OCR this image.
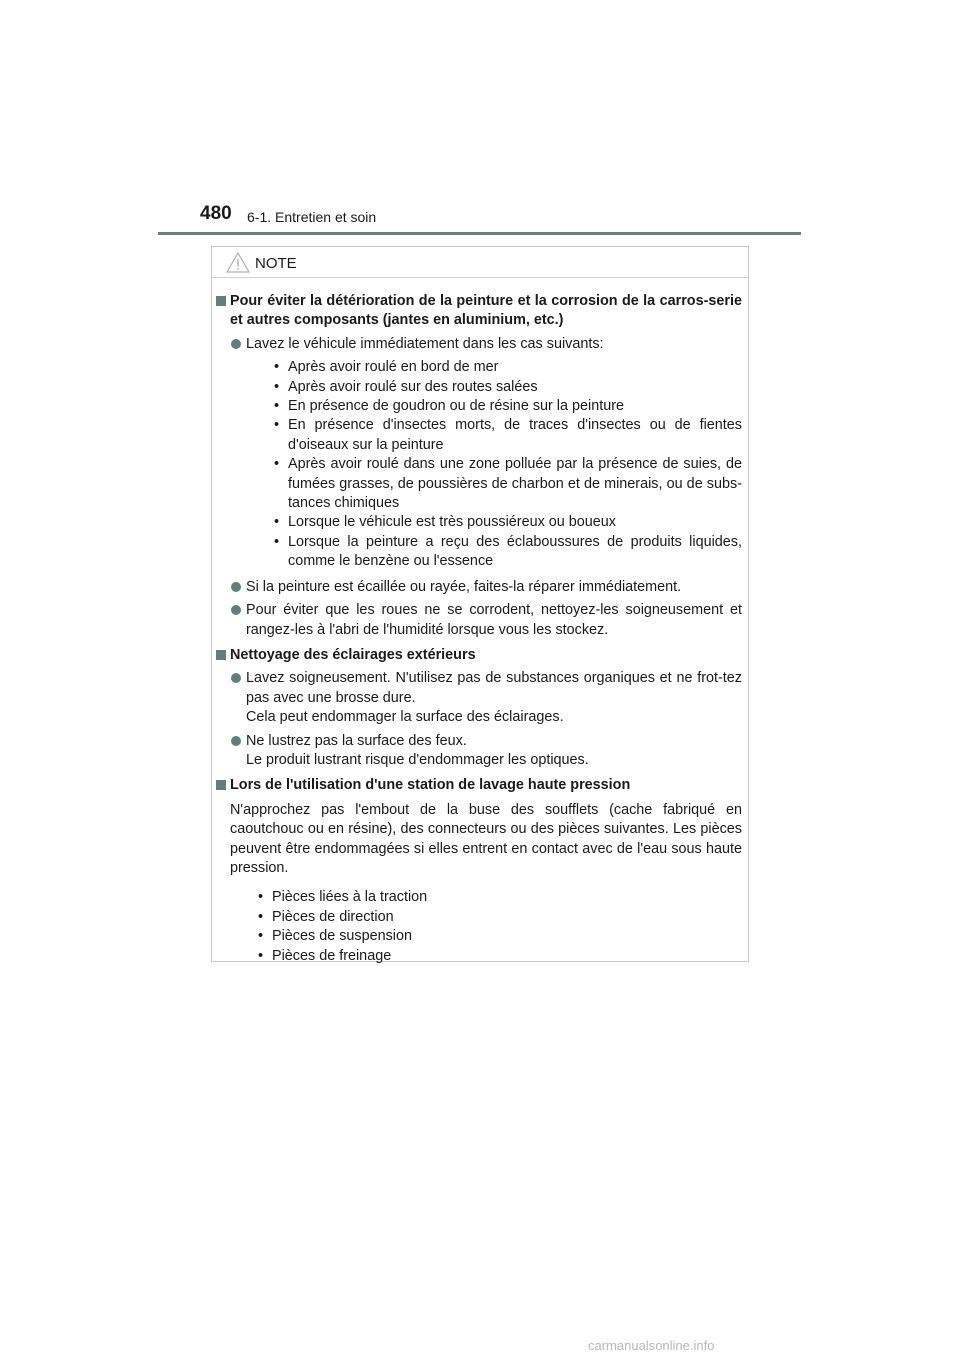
480 6-1. Entretien et soin
NOTE
Pour éviter la détérioration de la peinture et la corrosion de la carros-serie et autres composants (jantes en aluminium, etc.)
Lavez le véhicule immédiatement dans les cas suivants:
• Après avoir roulé en bord de mer
• Après avoir roulé sur des routes salées
• En présence de goudron ou de résine sur la peinture
• En présence d'insectes morts, de traces d'insectes ou de fientes d'oiseaux sur la peinture
• Après avoir roulé dans une zone polluée par la présence de suies, de fumées grasses, de poussières de charbon et de minerais, ou de subs-tances chimiques
• Lorsque le véhicule est très poussiéreux ou boueux
• Lorsque la peinture a reçu des éclaboussures de produits liquides, comme le benzène ou l'essence
Si la peinture est écaillée ou rayée, faites-la réparer immédiatement.
Pour éviter que les roues ne se corrodent, nettoyez-les soigneusement et rangez-les à l'abri de l'humidité lorsque vous les stockez.
Nettoyage des éclairages extérieurs
Lavez soigneusement. N'utilisez pas de substances organiques et ne frot-tez pas avec une brosse dure.
Cela peut endommager la surface des éclairages.
Ne lustrez pas la surface des feux.
Le produit lustrant risque d'endommager les optiques.
Lors de l'utilisation d'une station de lavage haute pression
N'approchez pas l'embout de la buse des soufflets (cache fabriqué en caoutchouc ou en résine), des connecteurs ou des pièces suivantes. Les pièces peuvent être endommagées si elles entrent en contact avec de l'eau sous haute pression.
• Pièces liées à la traction
• Pièces de direction
• Pièces de suspension
• Pièces de freinage
carmanualsonline.info
